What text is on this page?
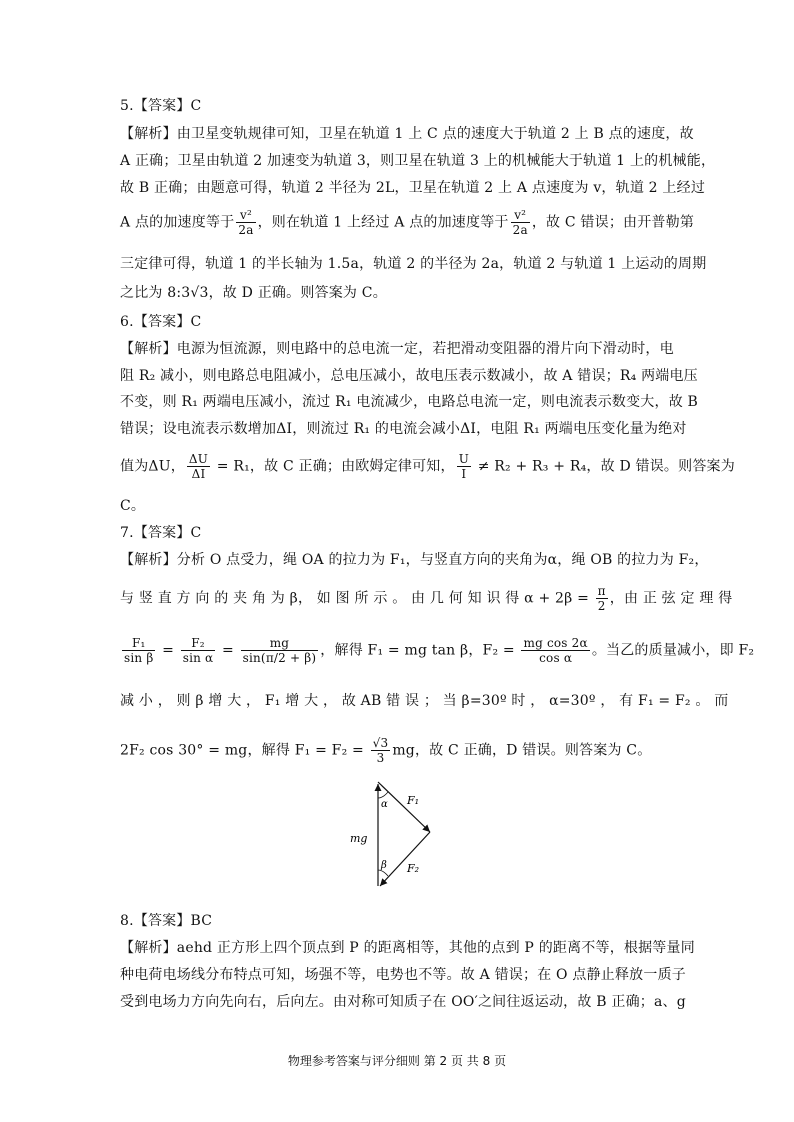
5.【答案】C
【解析】由卫星变轨规律可知，卫星在轨道 1 上 C 点的速度大于轨道 2 上 B 点的速度，故
A 正确；卫星由轨道 2 加速变为轨道 3，则卫星在轨道 3 上的机械能大于轨道 1 上的机械能，
故 B 正确；由题意可得，轨道 2 半径为 2L，卫星在轨道 2 上 A 点速度为 v，轨道 2 上经过
A 点的加速度等于 $\frac{\text{v²}}{2a}$ ，则在轨道 1 上经过 A 点的加速度等于 $\frac{\text{v²}}{2a}$ ，故 C 错误；由开普勒第
三定律可得，轨道 1 的半长轴为 1.5a，轨道 2 的半径为 2a，轨道 2 与轨道 1 上运动的周期
之比为 8:3√3，故 D 正确。则答案为 C。
6.【答案】C
【解析】电源为恒流源，则电路中的总电流一定，若把滑动变阻器的滑片向下滑动时，电
阻 R₂ 减小，则电路总电阻减小，总电压减小，故电压表示数减小，故 A 错误；R₄ 两端电压
不变，则 R₁ 两端电压减小，流过 R₁ 电流减少，电路总电流一定，则电流表示数变大，故 B
错误；设电流表示数增加ΔI，则流过 R₁ 的电流会减小ΔI，电阻 R₁ 两端电压变化量为绝对
值为ΔU， $\frac{\Delta U}{\Delta I} = R_1$，故 C 正确；由欧姆定律可知， $\frac{U}{I} \ne R_2 + R_3 + R_4$，故 D 错误。则答案为
C。
7.【答案】C
【解析】分析 O 点受力，绳 OA 的拉力为 F₁，与竖直方向的夹角为α，绳 OB 的拉力为 F₂，
与 竖 直 方 向 的 夹 角 为 β， 如 图 所 示 。 由 几 何 知 识 得 $\alpha + 2\beta = \frac{\pi}{2}$ ，由 正 弦 定 理 得
$\frac{\text{F₁}}{\text{sin β}} = \frac{\text{F₂}}{\text{sin α}} = \frac{mg}{\sin(\pi/2 + \beta)}$ ，解得 F₁ = mg tan β，$F_2 = \frac{\text{mg cos 2α}}{\text{cos α}}$ 。当乙的质量减小，即 F₂
减 小 ， 则 β 增 大 ， F₁ 增 大 ， 故 AB 错 误 ； 当 β=30º 时 ， α=30º ， 有 F₁ = F₂ 。 而
2F₂ cos 30° = mg，解得 $F_1 = F_2 = \frac{√3}{3}$ mg，故 C 正确，D 错误。则答案为 C。
α
β
F₁
F₂
mg
8.【答案】BC
【解析】aehd 正方形上四个顶点到 P 的距离相等，其他的点到 P 的距离不等，根据等量同
种电荷电场线分布特点可知，场强不等，电势也不等。故 A 错误；在 O 点静止释放一质子
受到电场力方向先向右，后向左。由对称可知质子在 OO′之间往返运动，故 B 正确；a、g
物理参考答案与评分细则 第 2 页 共 8 页
